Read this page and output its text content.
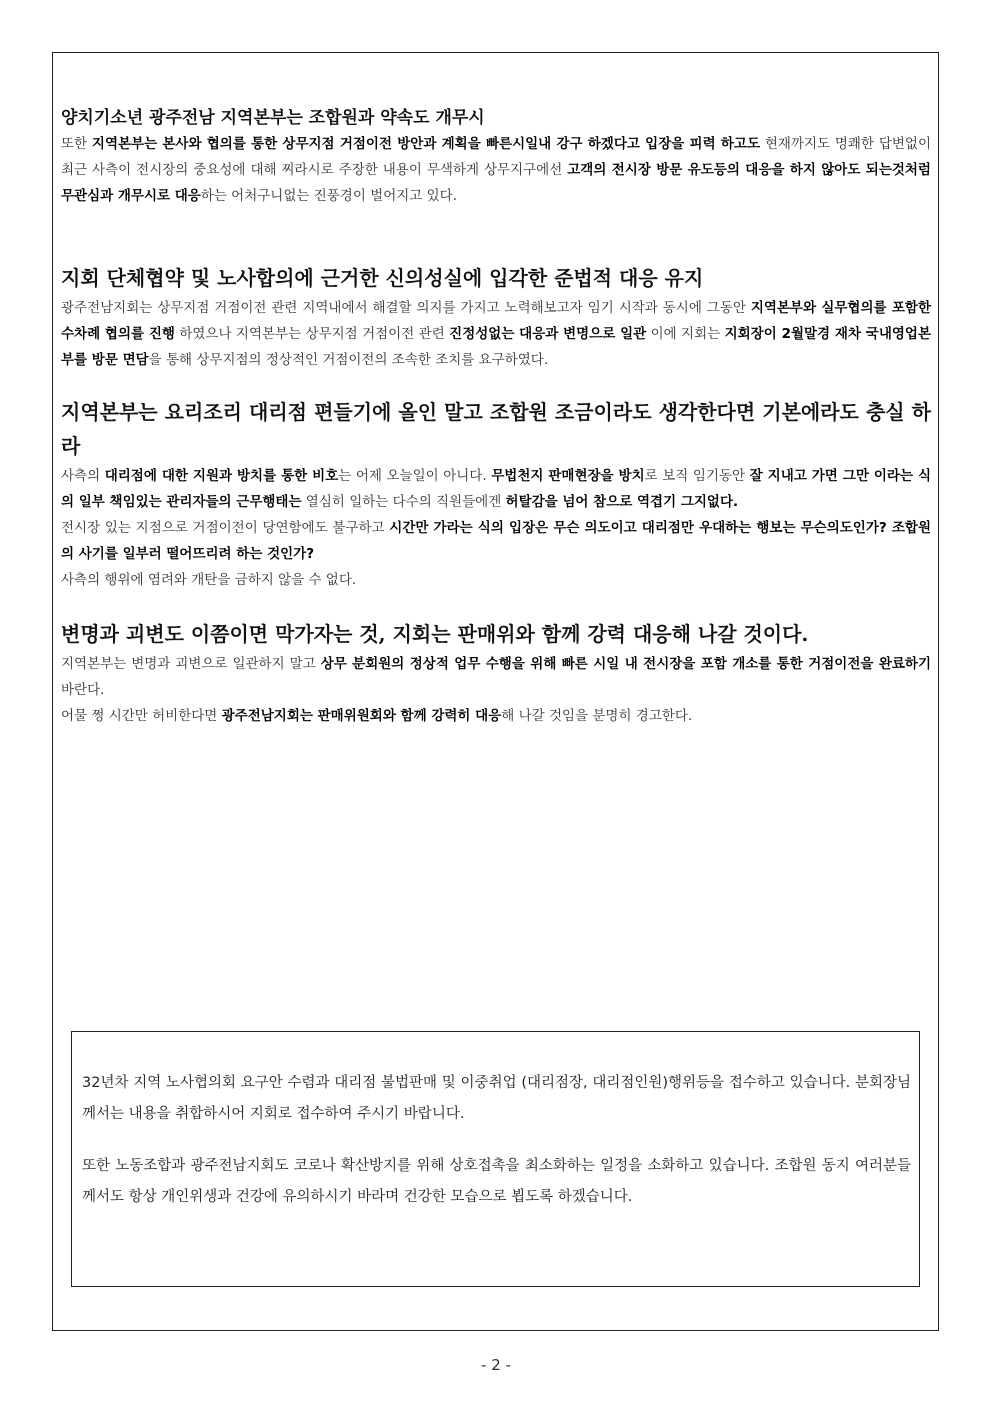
양치기소년 광주전남 지역본부는 조합원과 약속도 개무시

또한 지역본부는 본사와 협의를 통한 상무지점 거점이전 방안과 계획을 빠른시일내 강구 하겠다고 입장을 피력 하고도 현재까지도 명쾌한 답변없이 최근 사측이 전시장의 중요성에 대해 찌라시로 주장한 내용이 무색하게 상무지구에선 고객의 전시장 방문 유도등의 대응을 하지 않아도 되는것처럼 무관심과 개무시로 대응하는 어처구니없는 진풍경이 벌어지고 있다.

지회 단체협약 및 노사합의에 근거한 신의성실에 입각한 준법적 대응 유지

광주전남지회는 상무지점 거점이전 관련 지역내에서 해결할 의지를 가지고 노력해보고자 임기 시작과 동시에 그동안 지역본부와 실무협의를 포함한 수차례 협의를 진행 하였으나 지역본부는 상무지점 거점이전 관련 진정성없는 대응과 변명으로 일관 이에 지회는 지회장이 2월말경 재차 국내영업본부를 방문 면담을 통해 상무지점의 정상적인 거점이전의 조속한 조치를 요구하였다.

지역본부는 요리조리 대리점 편들기에 올인 말고 조합원 조금이라도 생각한다면 기본에라도 충실 하라

사측의 대리점에 대한 지원과 방치를 통한 비호는 어제 오늘일이 아니다. 무법천지 판매현장을 방치로 보직 임기동안 잘 지내고 가면 그만 이라는 식의 일부 책임있는 관리자들의 근무행태는 열심히 일하는 다수의 직원들에겐 허탈감을 넘어 참으로 역겹기 그지없다.

전시장 있는 지점으로 거점이전이 당연함에도 불구하고 시간만 가라는 식의 입장은 무슨 의도이고 대리점만 우대하는 행보는 무슨의도인가? 조합원의 사기를 일부러 떨어뜨리려 하는 것인가?

사측의 행위에 염려와 개탄을 금하지 않을 수 없다.

변명과 괴변도 이쯤이면 막가자는 것, 지회는 판매위와 함께 강력 대응해 나갈 것이다.

지역본부는 변명과 괴변으로 일관하지 말고 상무 분회원의 정상적 업무 수행을 위해 빠른 시일 내 전시장을 포함 개소를 통한 거점이전을 완료하기 바란다.

어물 쩡 시간만 허비한다면 광주전남지회는 판매위원회와 함께 강력히 대응해 나갈 것임을 분명히 경고한다.

32년차 지역 노사협의회 요구안 수렴과 대리점 불법판매 및 이중취업 (대리점장, 대리점인원)행위등을 접수하고 있습니다. 분회장님께서는 내용을 취합하시어 지회로 접수하여 주시기 바랍니다.

또한 노동조합과 광주전남지회도 코로나 확산방지를 위해 상호접촉을 최소화하는 일정을 소화하고 있습니다. 조합원 동지 여러분들께서도 항상 개인위생과 건강에 유의하시기 바라며 건강한 모습으로 뵙도록 하겠습니다.

- 2 -
